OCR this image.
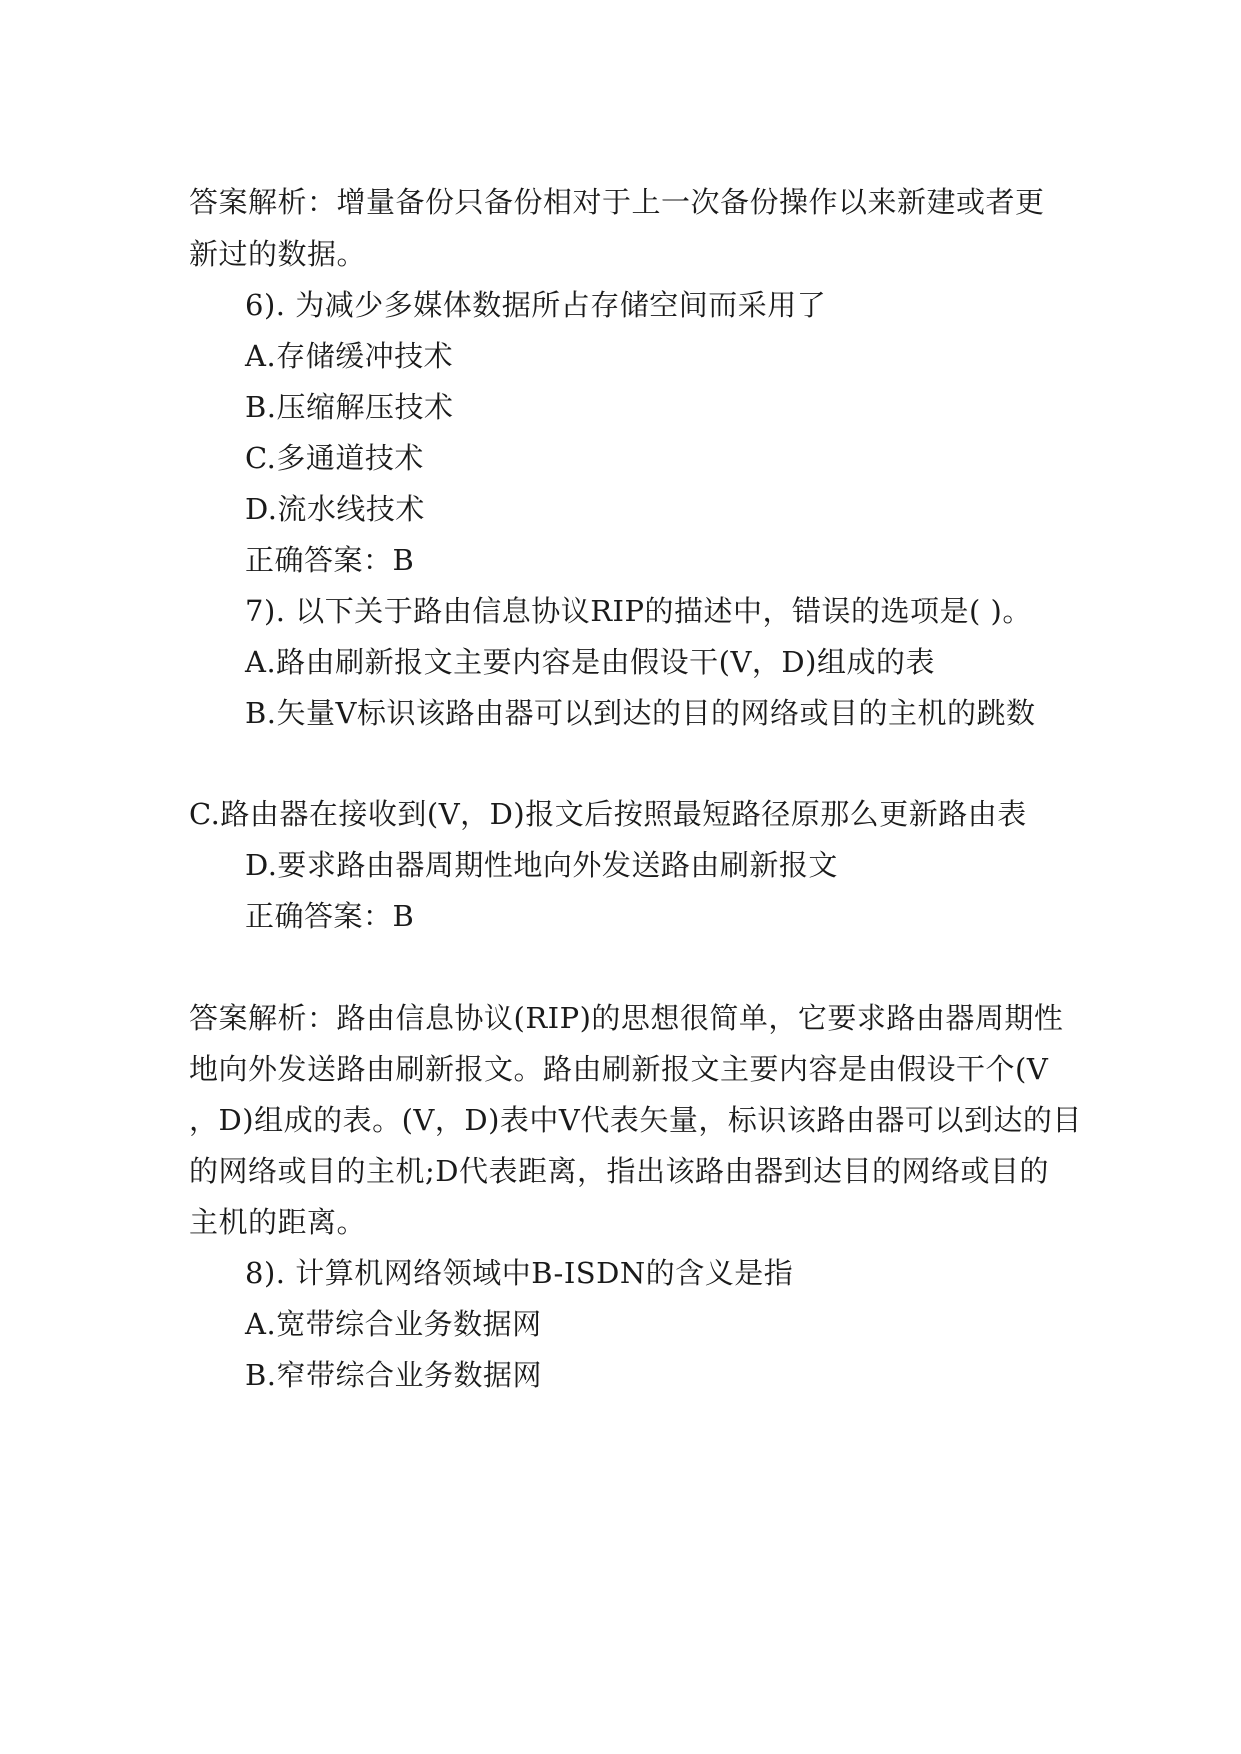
答案解析：增量备份只备份相对于上一次备份操作以来新建或者更
新过的数据。
6). 为减少多媒体数据所占存储空间而采用了
A.存储缓冲技术
B.压缩解压技术
C.多通道技术
D.流水线技术
正确答案：B
7). 以下关于路由信息协议RIP的描述中，错误的选项是( )。
A.路由刷新报文主要内容是由假设干(V，D)组成的表
B.矢量V标识该路由器可以到达的目的网络或目的主机的跳数
C.路由器在接收到(V，D)报文后按照最短路径原那么更新路由表
D.要求路由器周期性地向外发送路由刷新报文
正确答案：B
答案解析：路由信息协议(RIP)的思想很简单，它要求路由器周期性
地向外发送路由刷新报文。路由刷新报文主要内容是由假设干个(V
，D)组成的表。(V，D)表中V代表矢量，标识该路由器可以到达的目
的网络或目的主机;D代表距离，指出该路由器到达目的网络或目的
主机的距离。
8). 计算机网络领域中B-ISDN的含义是指
A.宽带综合业务数据网
B.窄带综合业务数据网
